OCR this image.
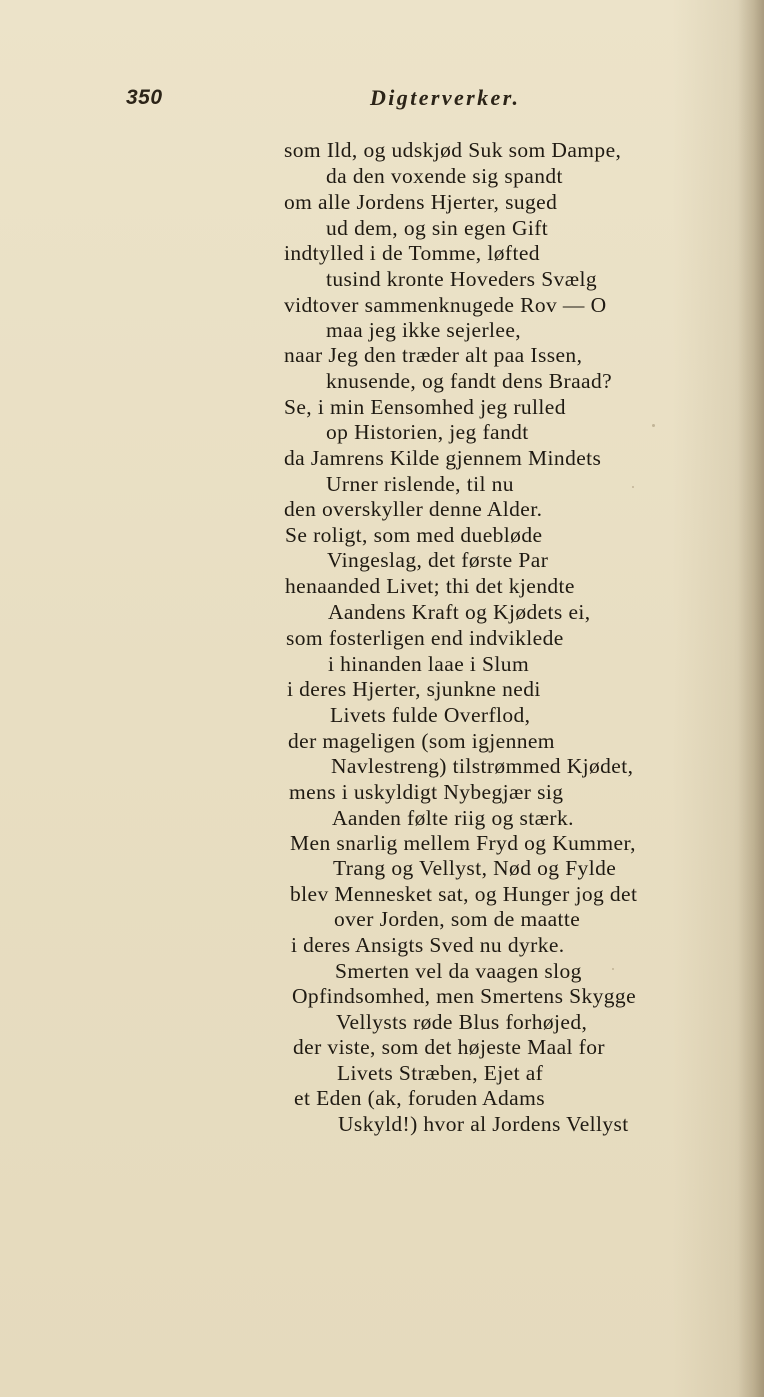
350	Digterverker.
som Ild, og udskjød Suk som Dampe,
da den voxende sig spandt
om alle Jordens Hjerter, suged
ud dem, og sin egen Gift
indtylled i de Tomme, løfted
tusind kronte Hoveders Svælg
vidtover sammenknugede Rov — O
maa jeg ikke sejerlee,
naar Jeg den træder alt paa Issen,
knusende, og fandt dens Braad?
Se, i min Eensomhed jeg rulled
op Historien, jeg fandt
da Jamrens Kilde gjennem Mindets
Urner rislende, til nu
den overskyller denne Alder.
Se roligt, som med dueblødе
Vingeslag, det første Par
henaanded Livet; thi det kjendte
Aandens Kraft og Kjødets ei,
som fosterligen end indviklede
i hinanden laae i Slum
i deres Hjerter, sjunkne nedi
Livets fulde Overflod,
der mageligen (som igjennem
Navlestreng) tilstrømmed Kjødet,
mens i uskyldigt Nybegjær sig
Aanden følte riig og stærk.
Men snarlig mellem Fryd og Kummer,
Trang og Vellyst, Nød og Fylde
blev Mennesket sat, og Hunger jog det
over Jorden, som de maatte
i deres Ansigts Sved nu dyrke.
Smerten vel da vaagen slog
Opfindsomhed, men Smertens Skygge
Vellysts røde Blus forhøjed,
der viste, som det højeste Maal for
Livets Stræben, Ejet af
et Eden (ak, foruden Adams
Uskyld!) hvor al Jordens Vellyst
